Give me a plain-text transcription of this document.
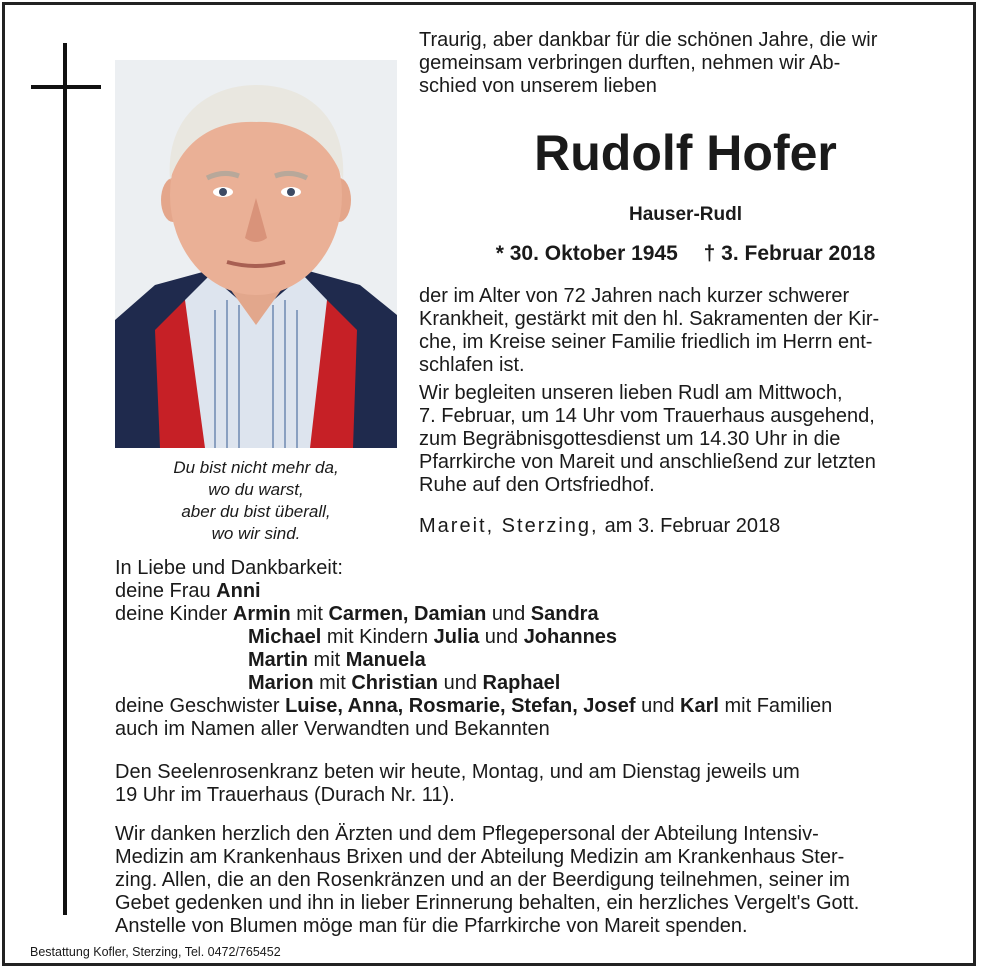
Du bist nicht mehr da,
wo du warst,
aber du bist überall,
wo wir sind.
Traurig, aber dankbar für die schönen Jahre, die wir
gemeinsam verbringen durften, nehmen wir Ab-
schied von unserem lieben
Rudolf Hofer
Hauser-Rudl
* 30. Oktober 1945 † 3. Februar 2018
der im Alter von 72 Jahren nach kurzer schwerer
Krankheit, gestärkt mit den hl. Sakramenten der Kir-
che, im Kreise seiner Familie friedlich im Herrn ent-
schlafen ist.
Wir begleiten unseren lieben Rudl am Mittwoch,
7. Februar, um 14 Uhr vom Trauerhaus ausgehend,
zum Begräbnisgottesdienst um 14.30 Uhr in die
Pfarrkirche von Mareit und anschließend zur letzten
Ruhe auf den Ortsfriedhof.
Mareit, Sterzing, am 3. Februar 2018
In Liebe und Dankbarkeit:
deine Frau Anni
deine Kinder Armin mit Carmen, Damian und Sandra
Michael mit Kindern Julia und Johannes
Martin mit Manuela
Marion mit Christian und Raphael
deine Geschwister Luise, Anna, Rosmarie, Stefan, Josef und Karl mit Familien
auch im Namen aller Verwandten und Bekannten
Den Seelenrosenkranz beten wir heute, Montag, und am Dienstag jeweils um
19 Uhr im Trauerhaus (Durach Nr. 11).
Wir danken herzlich den Ärzten und dem Pflegepersonal der Abteilung Intensiv-
Medizin am Krankenhaus Brixen und der Abteilung Medizin am Krankenhaus Ster-
zing. Allen, die an den Rosenkränzen und an der Beerdigung teilnehmen, seiner im
Gebet gedenken und ihn in lieber Erinnerung behalten, ein herzliches Vergelt's Gott.
Anstelle von Blumen möge man für die Pfarrkirche von Mareit spenden.
Bestattung Kofler, Sterzing, Tel. 0472/765452
